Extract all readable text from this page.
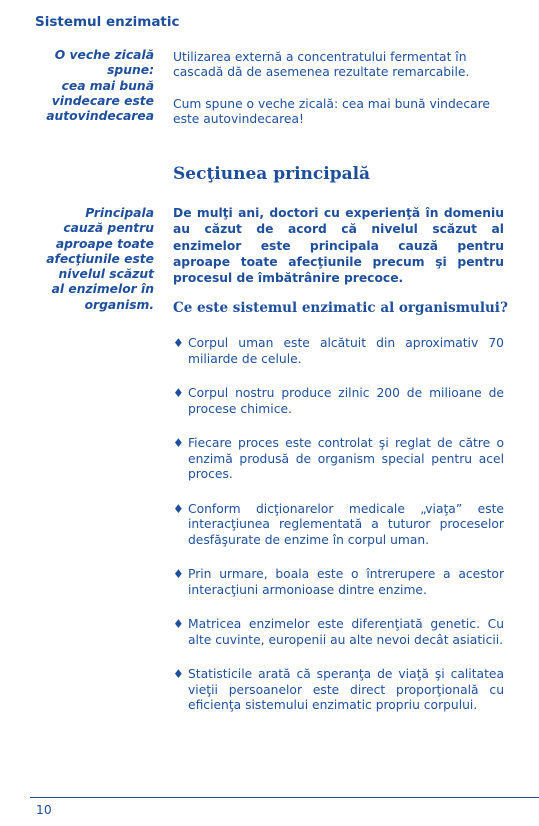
Sistemul enzimatic
O veche zicală
spune:
cea mai bună
vindecare este
autovindecarea
Principala
cauză pentru
aproape toate
afecţiunile este
nivelul scăzut
al enzimelor în
organism.

Utilizarea externă a concentratului fermentat în cascadă dă de asemenea rezultate remarcabile.

Cum spune o veche zicală: cea mai bună vindecare este autovindecarea!

Secţiunea principală
De mulţi ani, doctori cu experienţă în domeniu au căzut de acord că nivelul scăzut al enzimelor este principala cauză pentru aproape toate afecţiunile precum şi pentru procesul de îmbătrânire precoce.
Ce este sistemul enzimatic al organismului?
♦ Corpul uman este alcătuit din aproximativ 70 miliarde de celule.
♦ Corpul nostru produce zilnic 200 de milioane de procese chimice.
♦ Fiecare proces este controlat şi reglat de către o enzimă produsă de organism special pentru acel proces.
♦ Conform dicţionarelor medicale „viaţa” este interacţiunea reglementată a tuturor proceselor desfăşurate de enzime în corpul uman.
♦ Prin urmare, boala este o întrerupere a acestor interacţiuni armonioase dintre enzime.
♦ Matricea enzimelor este diferenţiată genetic. Cu alte cuvinte, europenii au alte nevoi decât asiaticii.
♦ Statisticile arată că speranţa de viaţă şi calitatea vieţii persoanelor este direct proporţională cu eficienţa sistemului enzimatic propriu corpului.
10
